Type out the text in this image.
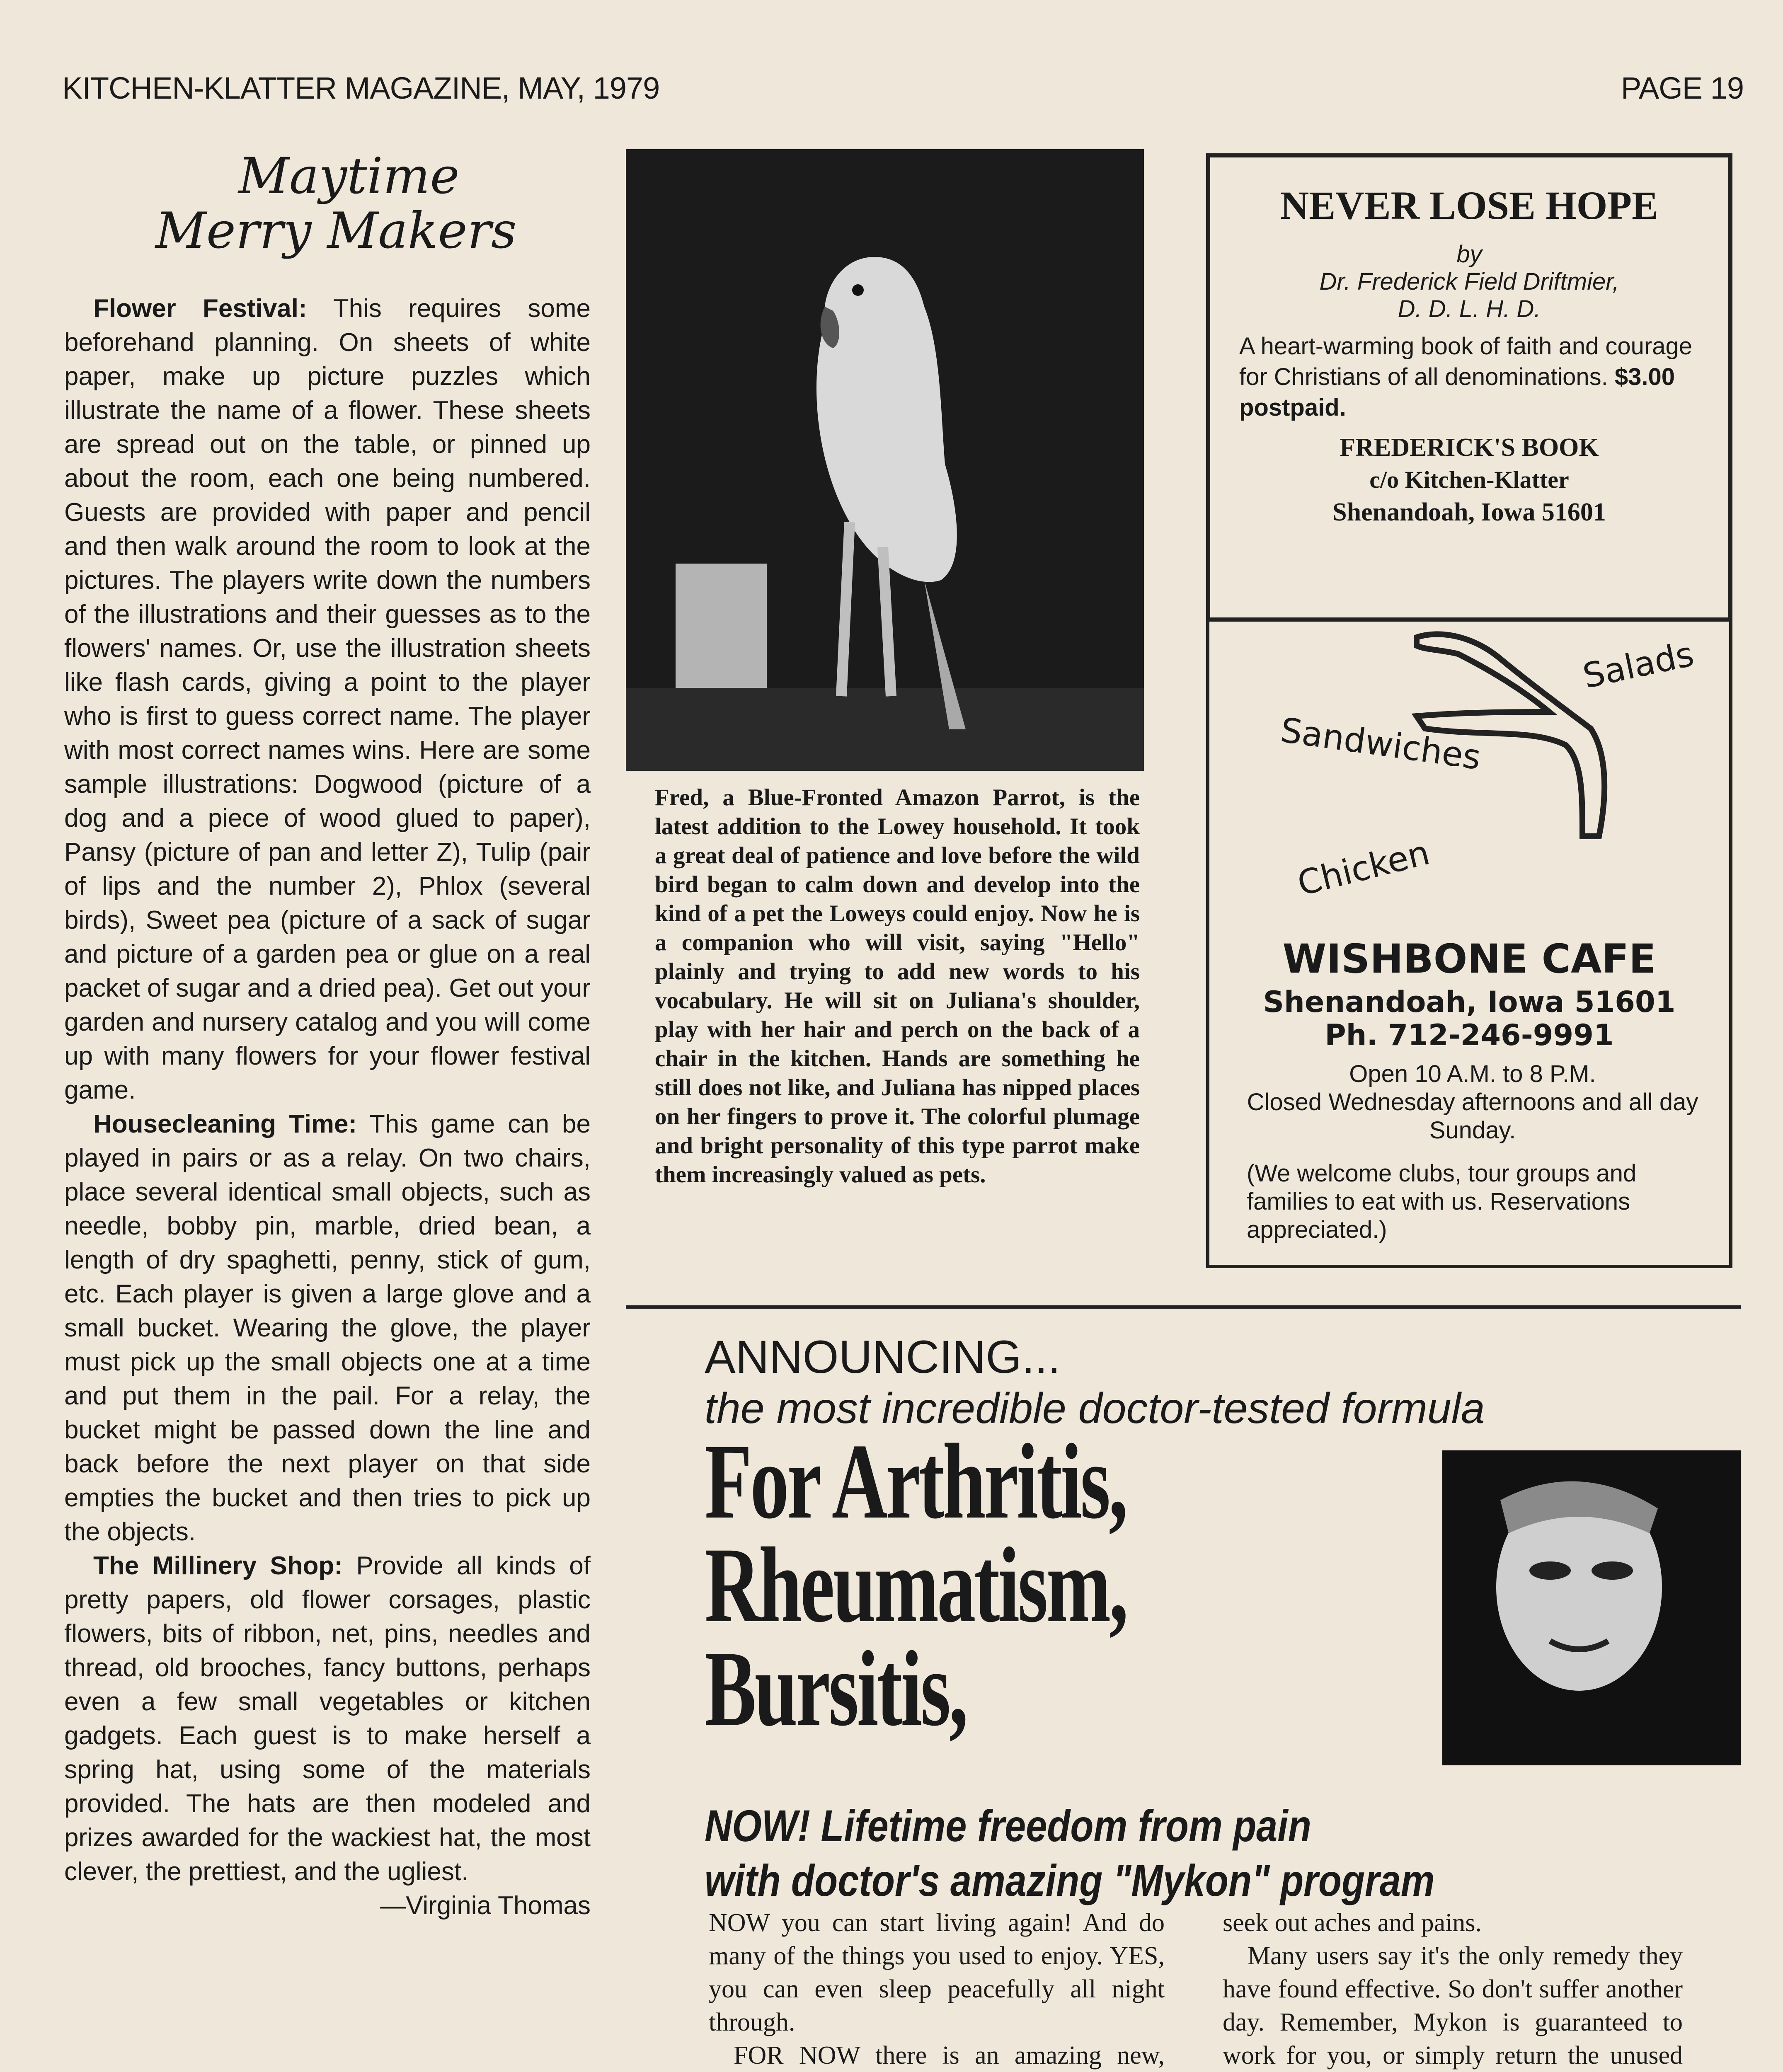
KITCHEN-KLATTER MAGAZINE, MAY, 1979	PAGE 19
Maytime
Merry Makers

Flower Festival: This requires some beforehand planning. On sheets of white paper, make up picture puzzles which illustrate the name of a flower. These sheets are spread out on the table, or pinned up about the room, each one being numbered. Guests are provided with paper and pencil and then walk around the room to look at the pictures. The players write down the numbers of the illustrations and their guesses as to the flowers' names. Or, use the illustration sheets like flash cards, giving a point to the player who is first to guess correct name. The player with most correct names wins. Here are some sample illustrations: Dogwood (picture of a dog and a piece of wood glued to paper), Pansy (picture of pan and letter Z), Tulip (pair of lips and the number 2), Phlox (several birds), Sweet pea (picture of a sack of sugar and picture of a garden pea or glue on a real packet of sugar and a dried pea). Get out your garden and nursery catalog and you will come up with many flowers for your flower festival game.

Housecleaning Time: This game can be played in pairs or as a relay. On two chairs, place several identical small objects, such as needle, bobby pin, marble, dried bean, a length of dry spaghetti, penny, stick of gum, etc. Each player is given a large glove and a small bucket. Wearing the glove, the player must pick up the small objects one at a time and put them in the pail. For a relay, the bucket might be passed down the line and back before the next player on that side empties the bucket and then tries to pick up the objects.

The Millinery Shop: Provide all kinds of pretty papers, old flower corsages, plastic flowers, bits of ribbon, net, pins, needles and thread, old brooches, fancy buttons, perhaps even a few small vegetables or kitchen gadgets. Each guest is to make herself a spring hat, using some of the materials provided. The hats are then modeled and prizes awarded for the wackiest hat, the most clever, the prettiest, and the ugliest.

—Virginia Thomas
Fred, a Blue-Fronted Amazon Parrot, is the latest addition to the Lowey household. It took a great deal of patience and love before the wild bird began to calm down and develop into the kind of a pet the Loweys could enjoy. Now he is a companion who will visit, saying "Hello" plainly and trying to add new words to his vocabulary. He will sit on Juliana's shoulder, play with her hair and perch on the back of a chair in the kitchen. Hands are something he still does not like, and Juliana has nipped places on her fingers to prove it. The colorful plumage and bright personality of this type parrot make them increasingly valued as pets.
NEVER LOSE HOPE
by
Dr. Frederick Field Driftmier,
D. D. L. H. D.
A heart-warming book of faith and courage for Christians of all denominations. $3.00 postpaid.
FREDERICK'S BOOK
c/o Kitchen-Klatter
Shenandoah, Iowa 51601
Salads
Sandwiches
Chicken
WISHBONE CAFE
Shenandoah, Iowa 51601
Ph. 712-246-9991
Open 10 A.M. to 8 P.M.
Closed Wednesday afternoons and all day Sunday.
(We welcome clubs, tour groups and families to eat with us. Reservations appreciated.)
ANNOUNCING...
the most incredible doctor-tested formula
For Arthritis,
Rheumatism,
Bursitis,
NOW! Lifetime freedom from pain
with doctor's amazing "Mykon" program

NOW you can start living again! And do many of the things you used to enjoy. YES, you can even sleep peacefully all night through.

FOR NOW there is an amazing new,

seek out aches and pains.

Many users say it's the only remedy they have found effective. So don't suffer another day. Remember, Mykon is guaranteed to work for you, or simply return the unused
